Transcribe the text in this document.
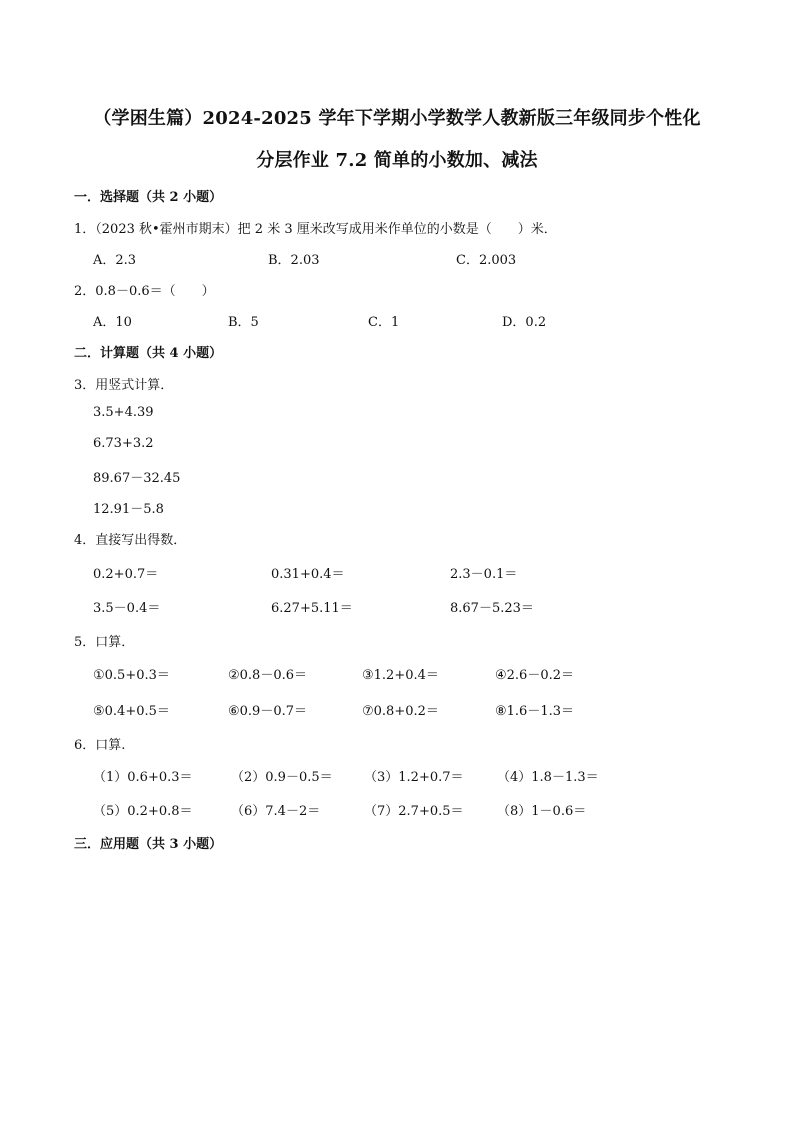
（学困生篇）2024-2025 学年下学期小学数学人教新版三年级同步个性化
分层作业 7.2 简单的小数加、减法
一．选择题（共 2 小题）
1．（2023 秋•霍州市期末）把 2 米 3 厘米改写成用米作单位的小数是（　　）米．
A．2.3	B．2.03	C．2.003
2．0.8－0.6＝（　　）
A．10	B．5	C．1	D．0.2
二．计算题（共 4 小题）
3．用竖式计算．
3.5+4.39
6.73+3.2
89.67－32.45
12.91－5.8
4．直接写出得数．
0.2+0.7＝	0.31+0.4＝	2.3－0.1＝
3.5－0.4＝	6.27+5.11＝	8.67－5.23＝
5．口算．
①0.5+0.3＝	②0.8－0.6＝	③1.2+0.4＝	④2.6－0.2＝
⑤0.4+0.5＝	⑥0.9－0.7＝	⑦0.8+0.2＝	⑧1.6－1.3＝
6．口算.
（1）0.6+0.3＝	（2）0.9－0.5＝ （3）1.2+0.7＝	（4）1.8－1.3＝
（5）0.2+0.8＝	（6）7.4－2＝	（7）2.7+0.5＝	（8）1－0.6＝
三．应用题（共 3 小题）
